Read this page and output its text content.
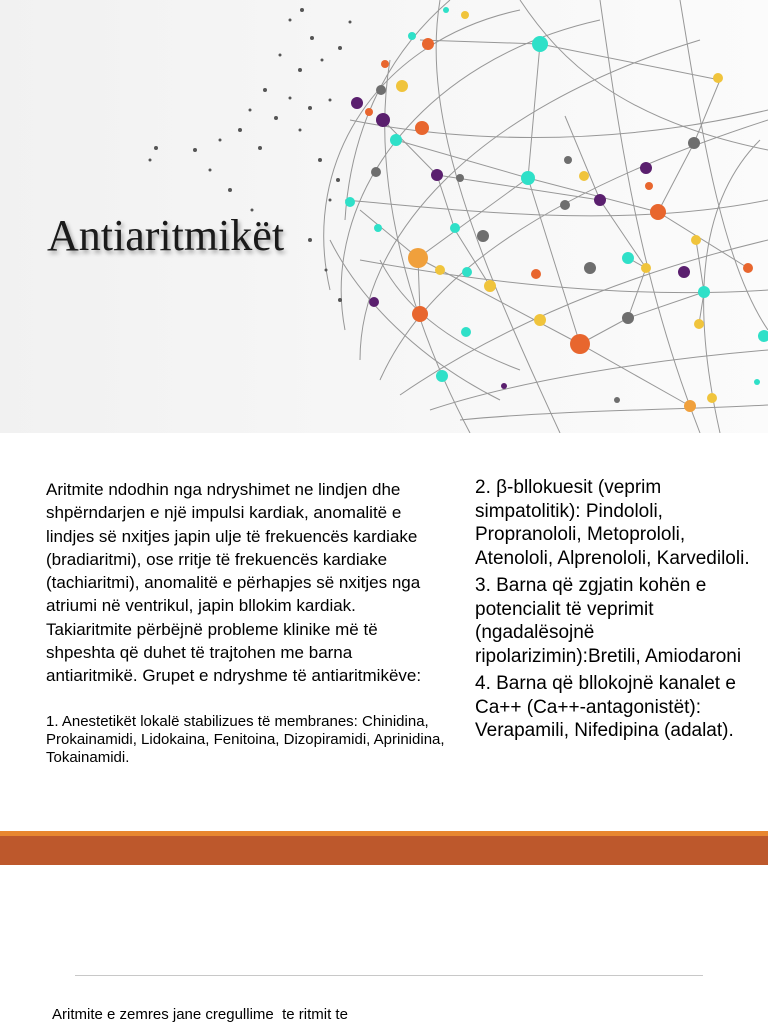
Antiaritmikët

Aritmite ndodhin nga ndryshimet ne lindjen dhe shpërndarjen e një impulsi kardiak, anomalitë e lindjes së nxitjes japin ulje të frekuencës kardiake (bradiaritmi), ose rritje të frekuencës kardiake (tachiaritmi), anomalitë e përhapjes së nxitjes nga atriumi në ventrikul, japin bllokim kardiak. Takiaritmite përbëjnë probleme klinike më të shpeshta që duhet të trajtohen me barna antiaritmikë. Grupet e ndryshme të antiaritmikëve:

1. Anestetikët lokalë stabilizues të membranes: Chinidina, Prokainamidi, Lidokaina, Fenitoina, Dizopiramidi, Aprinidina, Tokainamidi.

2. β-bllokuesit (veprim simpatolitik): Pindololi, Propranololi, Metoprololi, Atenololi, Alprenololi, Karvediloli.

3. Barna që zgjatin kohën e potencialit të veprimit (ngadalësojnë ripolarizimin):Bretili, Amiodaroni

4. Barna që bllokojnë kanalet e Ca++ (Ca++-antagonistët): Verapamili, Nifedipina (adalat).

Aritmite e zemres jane cregullime  te ritmit te
